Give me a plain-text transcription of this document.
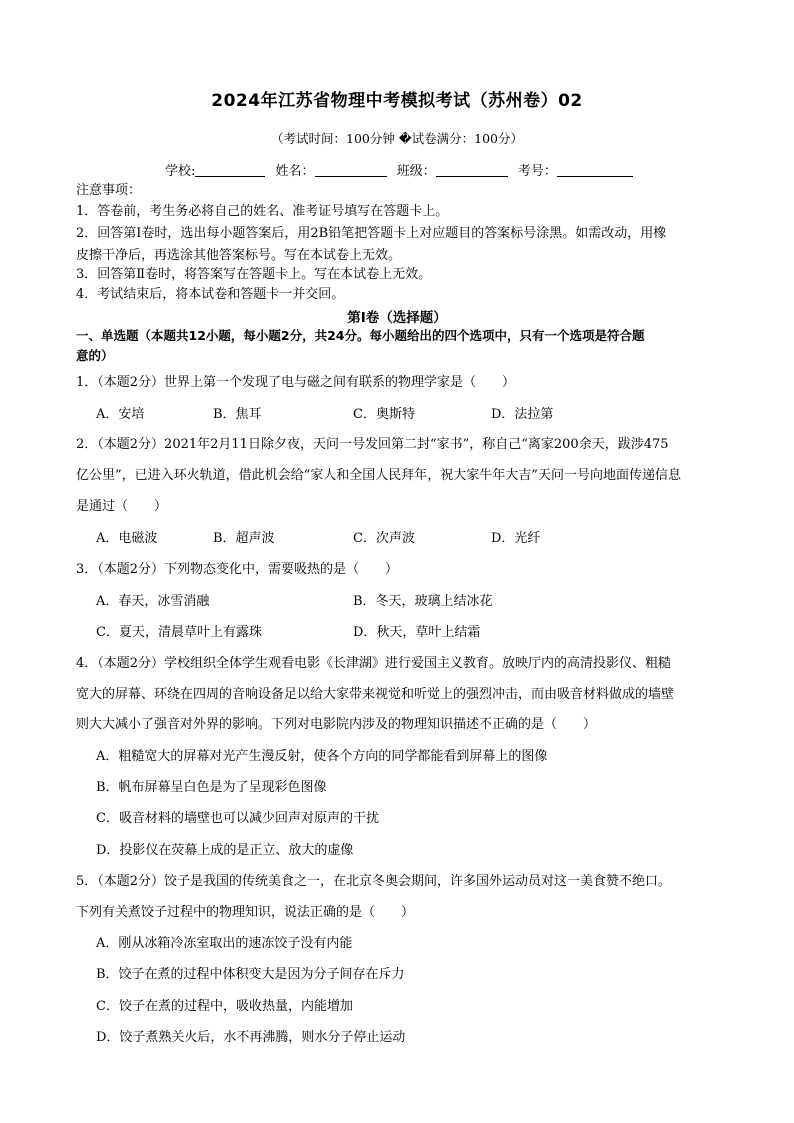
2024年江苏省物理中考模拟考试（苏州卷）02
（考试时间：100分钟 �试卷满分：100分）
学校:	姓名：	班级：	考号：
注意事项：
1．答卷前，考生务必将自己的姓名、准考证号填写在答题卡上。
2．回答第Ⅰ卷时，选出每小题答案后，用2B铅笔把答题卡上对应题目的答案标号涂黑。如需改动，用橡
皮擦干净后，再选涂其他答案标号。写在本试卷上无效。
3．回答第Ⅱ卷时，将答案写在答题卡上。写在本试卷上无效。
4．考试结束后，将本试卷和答题卡一并交回。
第Ⅰ卷（选择题）
一、单选题（本题共12小题，每小题2分，共24分。每小题给出的四个选项中，只有一个选项是符合题
意的）
1．（本题2分）世界上第一个发现了电与磁之间有联系的物理学家是（　　）
A．安培	B．焦耳	C．奥斯特	D．法拉第
2．（本题2分）2021年2月11日除夕夜，天问一号发回第二封“家书”，称自己“离家200余天，跋涉475
亿公里”，已进入环火轨道，借此机会给“家人和全国人民拜年，祝大家牛年大吉”天问一号向地面传递信息
是通过（　　）
A．电磁波	B．超声波	C．次声波	D．光纤
3．（本题2分）下列物态变化中，需要吸热的是（　　）
A．春天，冰雪消融	B．冬天，玻璃上结冰花
C．夏天，清晨草叶上有露珠	D．秋天，草叶上结霜
4．（本题2分）学校组织全体学生观看电影《长津湖》进行爱国主义教育。放映厅内的高清投影仪、粗糙
宽大的屏幕、环绕在四周的音响设备足以给大家带来视觉和听觉上的强烈冲击，而由吸音材料做成的墙壁
则大大减小了强音对外界的影响。下列对电影院内涉及的物理知识描述不正确的是（　　）
A．粗糙宽大的屏幕对光产生漫反射，使各个方向的同学都能看到屏幕上的图像
B．帆布屏幕呈白色是为了呈现彩色图像
C．吸音材料的墙壁也可以减少回声对原声的干扰
D．投影仪在荧幕上成的是正立、放大的虚像
5．（本题2分）饺子是我国的传统美食之一，在北京冬奥会期间，许多国外运动员对这一美食赞不绝口。
下列有关煮饺子过程中的物理知识，说法正确的是（　　）
A．刚从冰箱冷冻室取出的速冻饺子没有内能
B．饺子在煮的过程中体积变大是因为分子间存在斥力
C．饺子在煮的过程中，吸收热量，内能增加
D．饺子煮熟关火后，水不再沸腾，则水分子停止运动
